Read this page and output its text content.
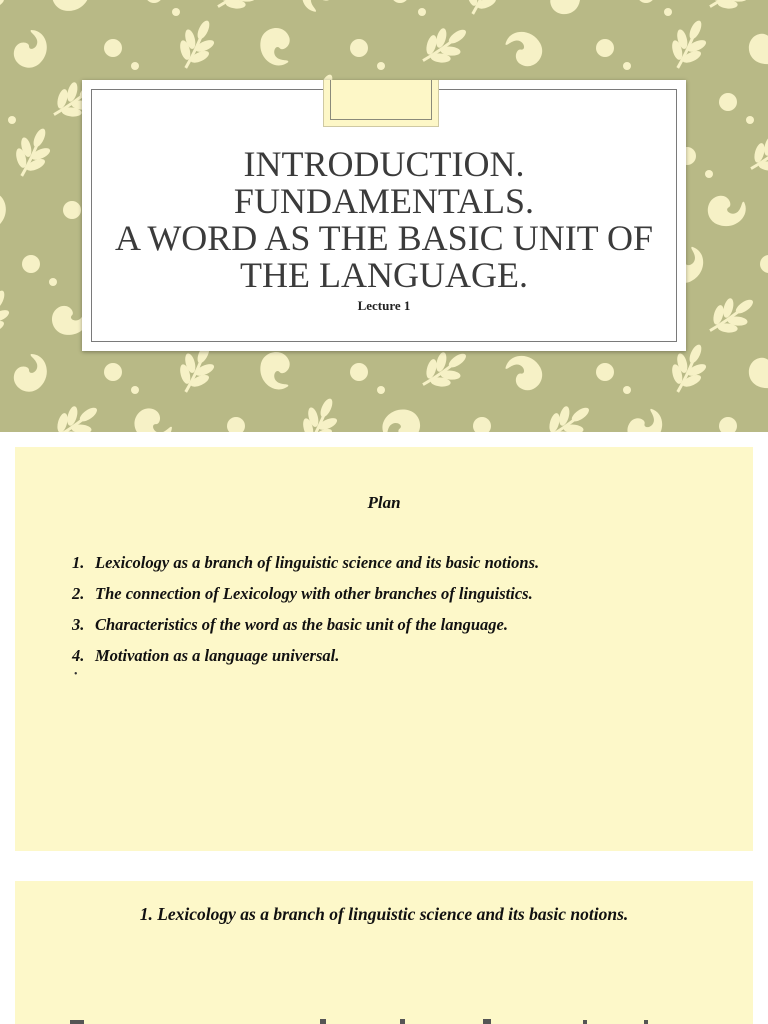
INTRODUCTION.
FUNDAMENTALS.
A WORD AS THE BASIC UNIT OF
THE LANGUAGE.
Lecture 1
Plan
1. Lexicology as a branch of linguistic science and its basic notions.
2. The connection of Lexicology with other branches of linguistics.
3. Characteristics of the word as the basic unit of the language.
4. Motivation as a language universal.
•
1. Lexicology as a branch of linguistic science and its basic notions.
